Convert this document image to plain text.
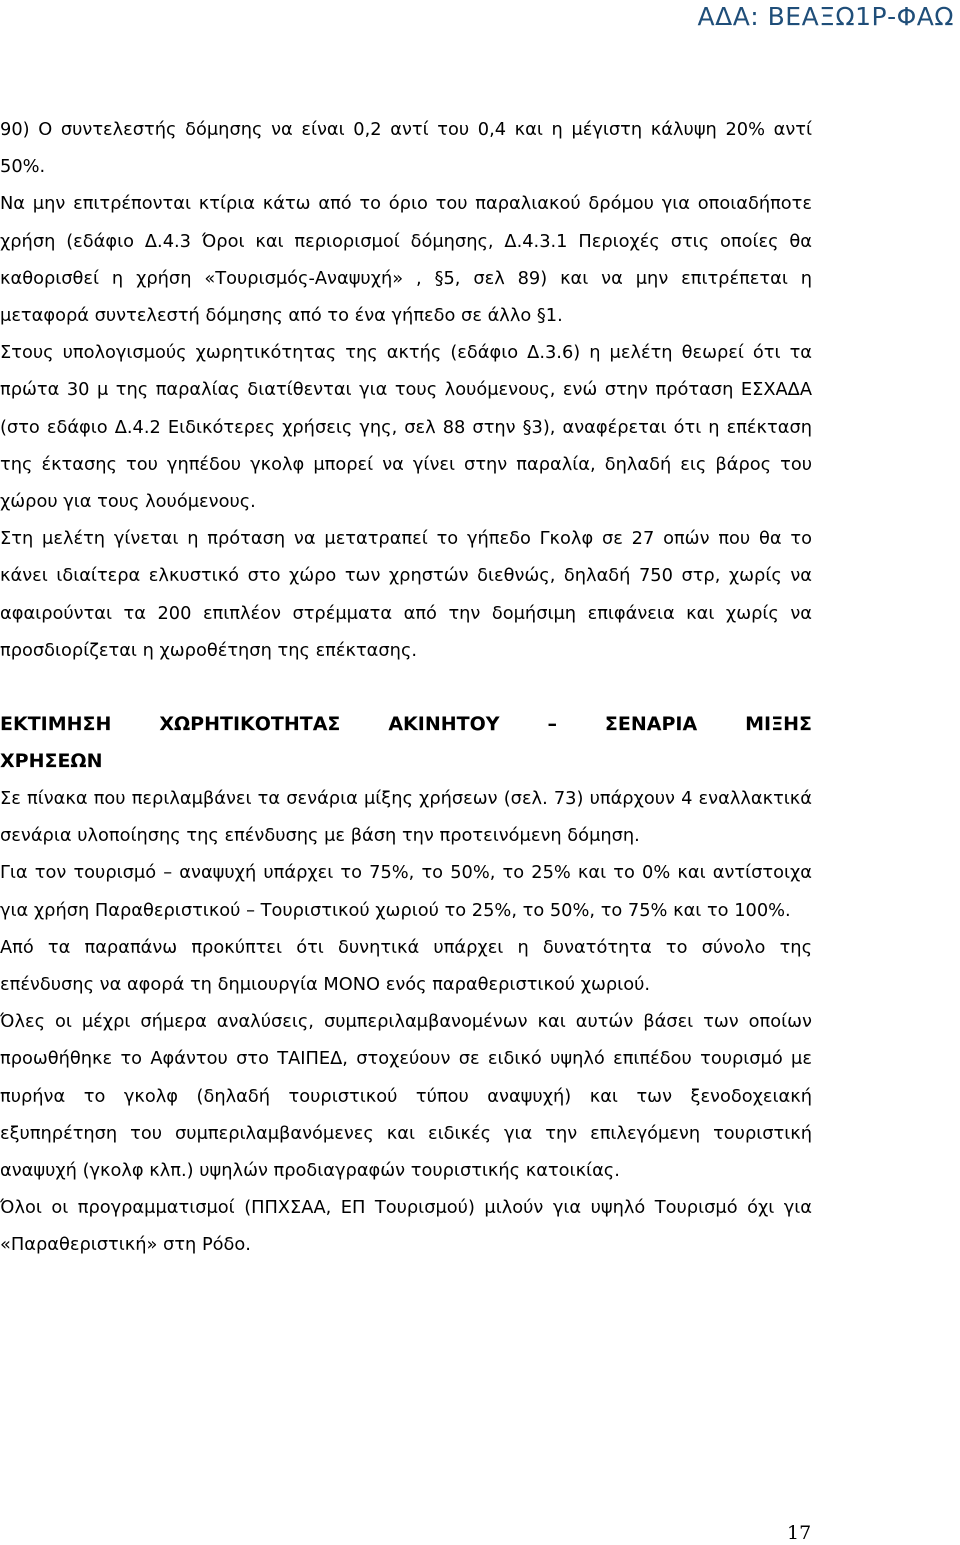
ΑΔΑ: ΒΕΑΞΩ1Ρ-ΦΑΩ

90) Ο συντελεστής δόμησης να είναι 0,2 αντί του 0,4 και η μέγιστη κάλυψη 20% αντί 50%.

Να μην επιτρέπονται κτίρια κάτω από το όριο του παραλιακού δρόμου για οποιαδήποτε χρήση (εδάφιο Δ.4.3 Όροι και περιορισμοί δόμησης, Δ.4.3.1 Περιοχές στις οποίες θα καθορισθεί η χρήση «Τουρισμός-Αναψυχή» , §5, σελ 89) και να μην επιτρέπεται η μεταφορά συντελεστή δόμησης από το ένα γήπεδο σε άλλο §1.

Στους υπολογισμούς χωρητικότητας της ακτής (εδάφιο Δ.3.6) η μελέτη θεωρεί ότι τα πρώτα 30 μ της παραλίας διατίθενται για τους λουόμενους, ενώ στην πρόταση ΕΣΧΑΔΑ (στο εδάφιο Δ.4.2 Ειδικότερες χρήσεις γης, σελ 88 στην §3), αναφέρεται ότι η επέκταση της έκτασης του γηπέδου γκολφ μπορεί να γίνει στην παραλία, δηλαδή εις βάρος του χώρου για τους λουόμενους.

Στη μελέτη γίνεται η πρόταση να μετατραπεί το γήπεδο Γκολφ σε 27 οπών που θα το κάνει ιδιαίτερα ελκυστικό στο χώρο των χρηστών διεθνώς, δηλαδή 750 στρ, χωρίς να αφαιρούνται τα 200 επιπλέον στρέμματα από την δομήσιμη επιφάνεια και χωρίς να προσδιορίζεται η χωροθέτηση της επέκτασης.

ΕΚΤΙΜΗΣΗ ΧΩΡΗΤΙΚΟΤΗΤΑΣ ΑΚΙΝΗΤΟΥ – ΣΕΝΑΡΙΑ ΜΙΞΗΣ ΧΡΗΣΕΩΝ

Σε πίνακα που περιλαμβάνει τα σενάρια μίξης χρήσεων (σελ. 73) υπάρχουν 4 εναλλακτικά σενάρια υλοποίησης της επένδυσης με βάση την προτεινόμενη δόμηση.

Για τον τουρισμό – αναψυχή υπάρχει το 75%, το 50%, το 25% και το 0% και αντίστοιχα για χρήση Παραθεριστικού – Τουριστικού χωριού το 25%, το 50%, το 75% και το 100%.

Από τα παραπάνω προκύπτει ότι δυνητικά υπάρχει η δυνατότητα το σύνολο της επένδυσης να αφορά τη δημιουργία ΜΟΝΟ ενός παραθεριστικού χωριού.

Όλες οι μέχρι σήμερα αναλύσεις, συμπεριλαμβανομένων και αυτών βάσει των οποίων προωθήθηκε το Αφάντου στο ΤΑΙΠΕΔ, στοχεύουν σε ειδικό υψηλό επιπέδου τουρισμό με πυρήνα το γκολφ (δηλαδή τουριστικού τύπου αναψυχή) και των ξενοδοχειακή εξυπηρέτηση του συμπεριλαμβανόμενες και ειδικές για την επιλεγόμενη τουριστική αναψυχή (γκολφ κλπ.) υψηλών προδιαγραφών τουριστικής κατοικίας.

Όλοι οι προγραμματισμοί (ΠΠΧΣΑΑ, ΕΠ Τουρισμού) μιλούν για υψηλό Τουρισμό όχι για «Παραθεριστική» στη Ρόδο.

17
